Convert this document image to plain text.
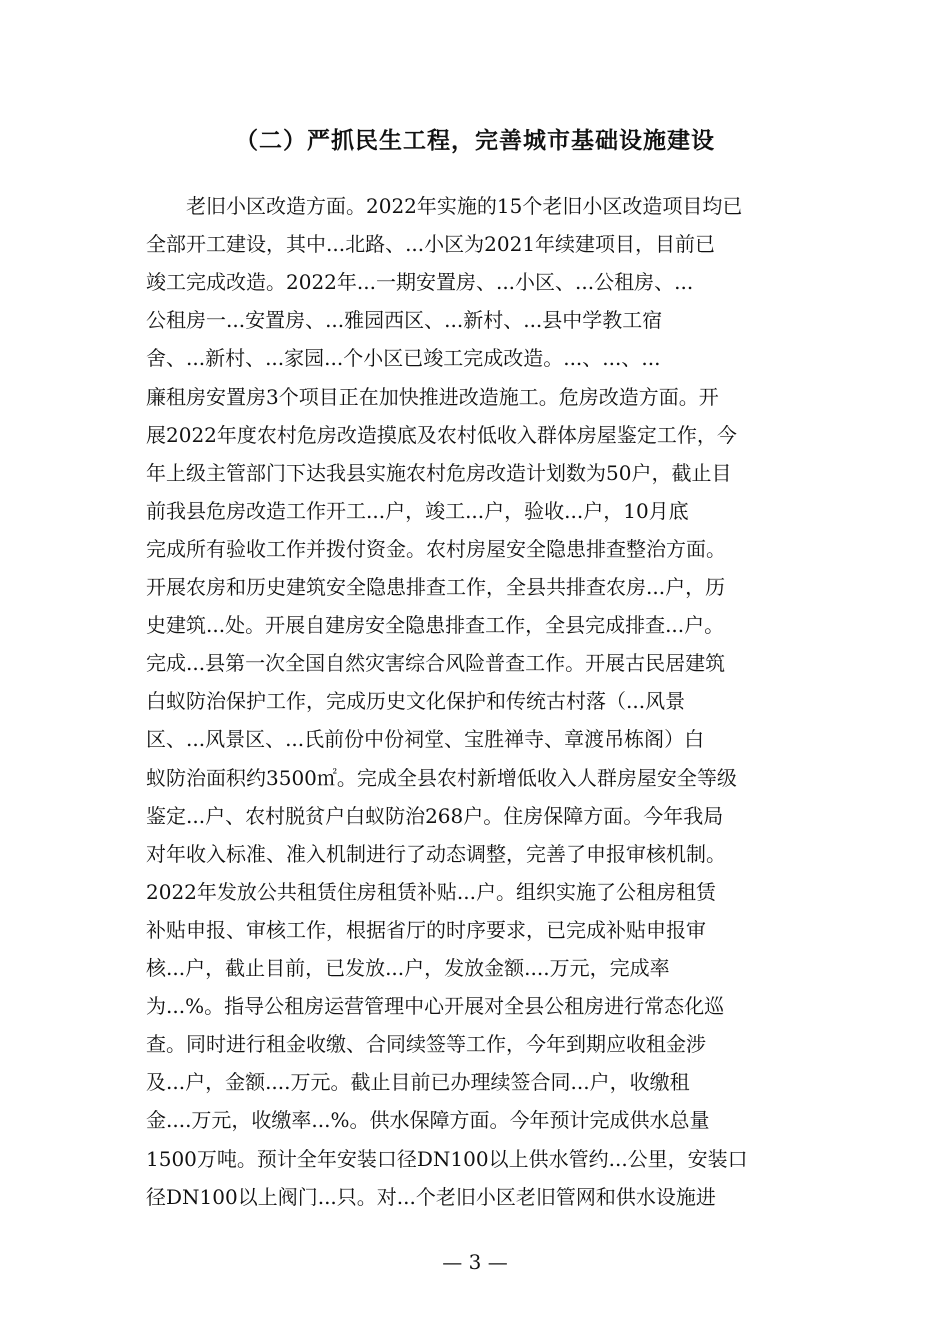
（二）严抓民生工程，完善城市基础设施建设
　　老旧小区改造方面。2022年实施的15个老旧小区改造项目均已
全部开工建设，其中...北路、...小区为2021年续建项目，目前已
竣工完成改造。2022年...一期安置房、...小区、...公租房、...
公租房一...安置房、...雅园西区、...新村、...县中学教工宿
舍、...新村、...家园...个小区已竣工完成改造。...、...、...
廉租房安置房3个项目正在加快推进改造施工。危房改造方面。开
展2022年度农村危房改造摸底及农村低收入群体房屋鉴定工作，今
年上级主管部门下达我县实施农村危房改造计划数为50户，截止目
前我县危房改造工作开工...户，竣工...户，验收...户，10月底
完成所有验收工作并拨付资金。农村房屋安全隐患排查整治方面。
开展农房和历史建筑安全隐患排查工作，全县共排查农房...户，历
史建筑...处。开展自建房安全隐患排查工作，全县完成排查...户。
完成...县第一次全国自然灾害综合风险普查工作。开展古民居建筑
白蚁防治保护工作，完成历史文化保护和传统古村落（...风景
区、...风景区、...氏前份中份祠堂、宝胜禅寺、章渡吊栋阁）白
蚁防治面积约3500㎡。完成全县农村新增低收入人群房屋安全等级
鉴定...户、农村脱贫户白蚁防治268户。住房保障方面。今年我局
对年收入标准、准入机制进行了动态调整，完善了申报审核机制。
2022年发放公共租赁住房租赁补贴...户。组织实施了公租房租赁
补贴申报、审核工作，根据省厅的时序要求，已完成补贴申报审
核...户，截止目前，已发放...户，发放金额....万元，完成率
为...%。指导公租房运营管理中心开展对全县公租房进行常态化巡
查。同时进行租金收缴、合同续签等工作，今年到期应收租金涉
及...户，金额....万元。截止目前已办理续签合同...户，收缴租
金....万元，收缴率...%。供水保障方面。今年预计完成供水总量
1500万吨。预计全年安装口径DN100以上供水管约...公里，安装口
径DN100以上阀门...只。对...个老旧小区老旧管网和供水设施进
— 3 —
